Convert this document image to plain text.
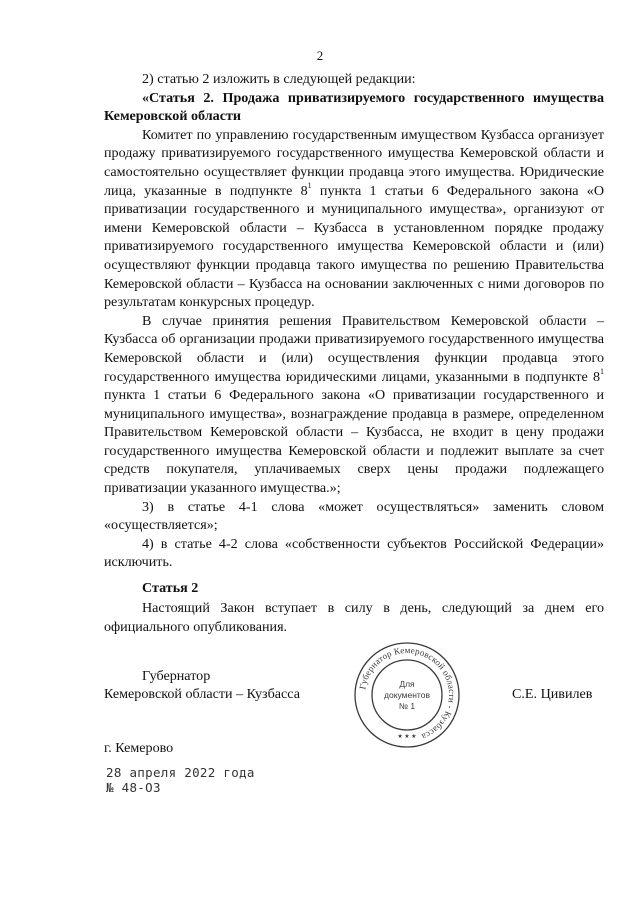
2

2) статью 2 изложить в следующей редакции:

«Статья 2. Продажа приватизируемого государственного имущества Кемеровской области

Комитет по управлению государственным имуществом Кузбасса организует продажу приватизируемого государственного имущества Кемеровской области и самостоятельно осуществляет функции продавца этого имущества. Юридические лица, указанные в подпункте $8^1$ пункта 1 статьи 6 Федерального закона «О приватизации государственного и муниципального имущества», организуют от имени Кемеровской области – Кузбасса в установленном порядке продажу приватизируемого государственного имущества Кемеровской области и (или) осуществляют функции продавца такого имущества по решению Правительства Кемеровской области – Кузбасса на основании заключенных с ними договоров по результатам конкурсных процедур.

В случае принятия решения Правительством Кемеровской области – Кузбасса об организации продажи приватизируемого государственного имущества Кемеровской области и (или) осуществления функции продавца этого государственного имущества юридическими лицами, указанными в подпункте $8^1$ пункта 1 статьи 6 Федерального закона «О приватизации государственного и муниципального имущества», вознаграждение продавца в размере, определенном Правительством Кемеровской области – Кузбасса, не входит в цену продажи государственного имущества Кемеровской области и подлежит выплате за счет средств покупателя, уплачиваемых сверх цены продажи подлежащего приватизации указанного имущества.»;

3) в статье 4-1 слова «может осуществляться» заменить словом «осуществляется»;

4) в статье 4-2 слова «собственности субъектов Российской Федерации» исключить.

Статья 2
Настоящий Закон вступает в силу в день, следующий за днем его официального опубликования.
Губернатор
Кемеровской области – Кузбасса	С.Е. Цивилев
Губернатор Кемеровской области - Кузбасса
Для
документов
№ 1
★ ★ ★
г. Кемерово
28 апреля 2022 года
№ 48-ОЗ
